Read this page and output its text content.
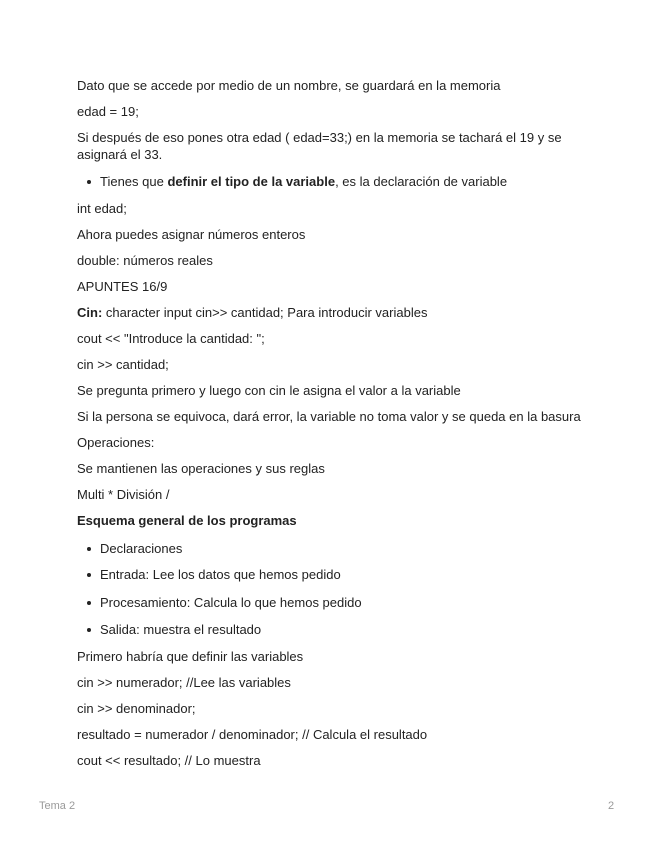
Dato que se accede por medio de un nombre, se guardará en la memoria

edad = 19;

Si después de eso pones otra edad ( edad=33;) en la memoria se tachará el 19 y se asignará el 33.

Tienes que definir el tipo de la variable, es la declaración de variable

int edad;

Ahora puedes asignar números enteros

double: números reales

APUNTES 16/9

Cin: character input cin>> cantidad; Para introducir variables

cout << "Introduce la cantidad: ";

cin >> cantidad;

Se pregunta primero y luego con cin le asigna el valor a la variable

Si la persona se equivoca, dará error, la variable no toma valor y se queda en la basura

Operaciones:

Se mantienen las operaciones y sus reglas

Multi * División /

Esquema general de los programas

Declaraciones
Entrada: Lee los datos que hemos pedido
Procesamiento: Calcula lo que hemos pedido
Salida: muestra el resultado

Primero habría que definir las variables

cin >> numerador; //Lee las variables

cin >> denominador;

resultado = numerador / denominador; // Calcula el resultado

cout << resultado; // Lo muestra

Tema 2	2
